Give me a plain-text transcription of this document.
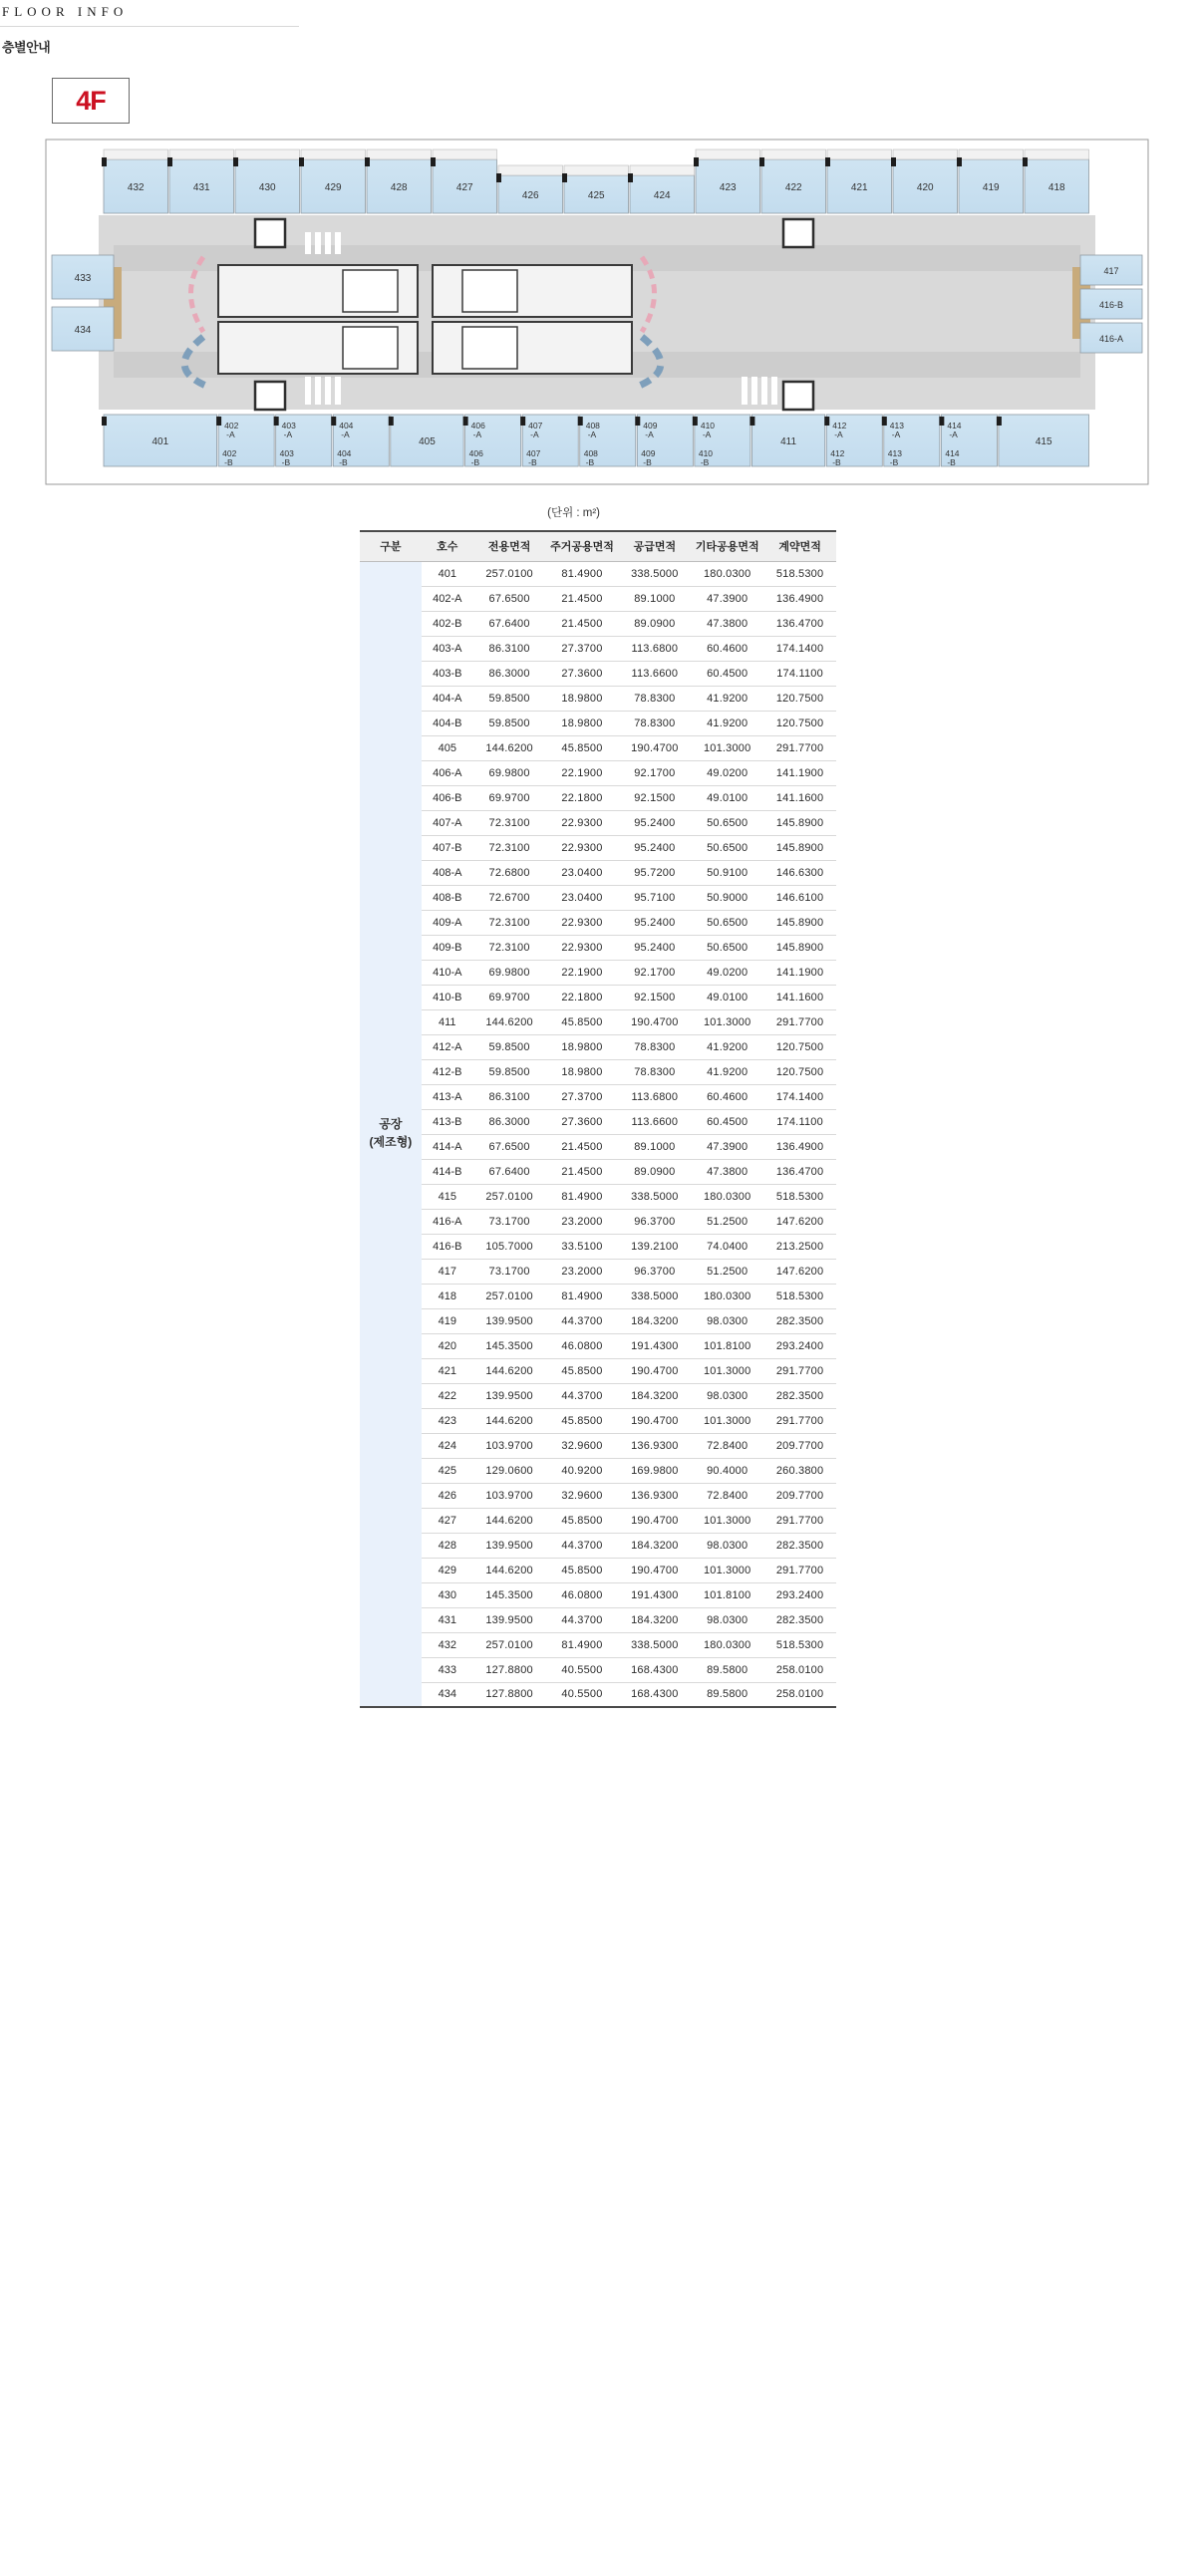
FLOOR INFO
층별안내
4F
432	431	430	429	428	427
426	425	424
423	422	421	420	419	418
433
434
417
416-B
416-A
401
402
-A
402
-B
403
-A
403
-B
404
-A
404
-B
405
406
-A
406
-B
407
-A
407
-B
408
-A
408
-B
409
-A
409
-B
410
-A
410
-B
411
412
-A
412
-B
413
-A
413
-B
414
-A
414
-B
415
(단위 : m²)
구분	호수	전용면적	주거공용면적	공급면적	기타공용면적	계약면적

공장
(제조형)	401	257.0100	81.4900	338.5000	180.0300	518.5300
	402-A	67.6500	21.4500	89.1000	47.3900	136.4900
	402-B	67.6400	21.4500	89.0900	47.3800	136.4700
	403-A	86.3100	27.3700	113.6800	60.4600	174.1400
	403-B	86.3000	27.3600	113.6600	60.4500	174.1100
	404-A	59.8500	18.9800	78.8300	41.9200	120.7500
	404-B	59.8500	18.9800	78.8300	41.9200	120.7500
	405	144.6200	45.8500	190.4700	101.3000	291.7700
	406-A	69.9800	22.1900	92.1700	49.0200	141.1900
	406-B	69.9700	22.1800	92.1500	49.0100	141.1600
	407-A	72.3100	22.9300	95.2400	50.6500	145.8900
	407-B	72.3100	22.9300	95.2400	50.6500	145.8900
	408-A	72.6800	23.0400	95.7200	50.9100	146.6300
	408-B	72.6700	23.0400	95.7100	50.9000	146.6100
	409-A	72.3100	22.9300	95.2400	50.6500	145.8900
	409-B	72.3100	22.9300	95.2400	50.6500	145.8900
	410-A	69.9800	22.1900	92.1700	49.0200	141.1900
	410-B	69.9700	22.1800	92.1500	49.0100	141.1600
	411	144.6200	45.8500	190.4700	101.3000	291.7700
	412-A	59.8500	18.9800	78.8300	41.9200	120.7500
	412-B	59.8500	18.9800	78.8300	41.9200	120.7500
	413-A	86.3100	27.3700	113.6800	60.4600	174.1400
	413-B	86.3000	27.3600	113.6600	60.4500	174.1100
	414-A	67.6500	21.4500	89.1000	47.3900	136.4900
	414-B	67.6400	21.4500	89.0900	47.3800	136.4700
	415	257.0100	81.4900	338.5000	180.0300	518.5300
	416-A	73.1700	23.2000	96.3700	51.2500	147.6200
	416-B	105.7000	33.5100	139.2100	74.0400	213.2500
	417	73.1700	23.2000	96.3700	51.2500	147.6200
	418	257.0100	81.4900	338.5000	180.0300	518.5300
	419	139.9500	44.3700	184.3200	98.0300	282.3500
	420	145.3500	46.0800	191.4300	101.8100	293.2400
	421	144.6200	45.8500	190.4700	101.3000	291.7700
	422	139.9500	44.3700	184.3200	98.0300	282.3500
	423	144.6200	45.8500	190.4700	101.3000	291.7700
	424	103.9700	32.9600	136.9300	72.8400	209.7700
	425	129.0600	40.9200	169.9800	90.4000	260.3800
	426	103.9700	32.9600	136.9300	72.8400	209.7700
	427	144.6200	45.8500	190.4700	101.3000	291.7700
	428	139.9500	44.3700	184.3200	98.0300	282.3500
	429	144.6200	45.8500	190.4700	101.3000	291.7700
	430	145.3500	46.0800	191.4300	101.8100	293.2400
	431	139.9500	44.3700	184.3200	98.0300	282.3500
	432	257.0100	81.4900	338.5000	180.0300	518.5300
	433	127.8800	40.5500	168.4300	89.5800	258.0100
	434	127.8800	40.5500	168.4300	89.5800	258.0100
